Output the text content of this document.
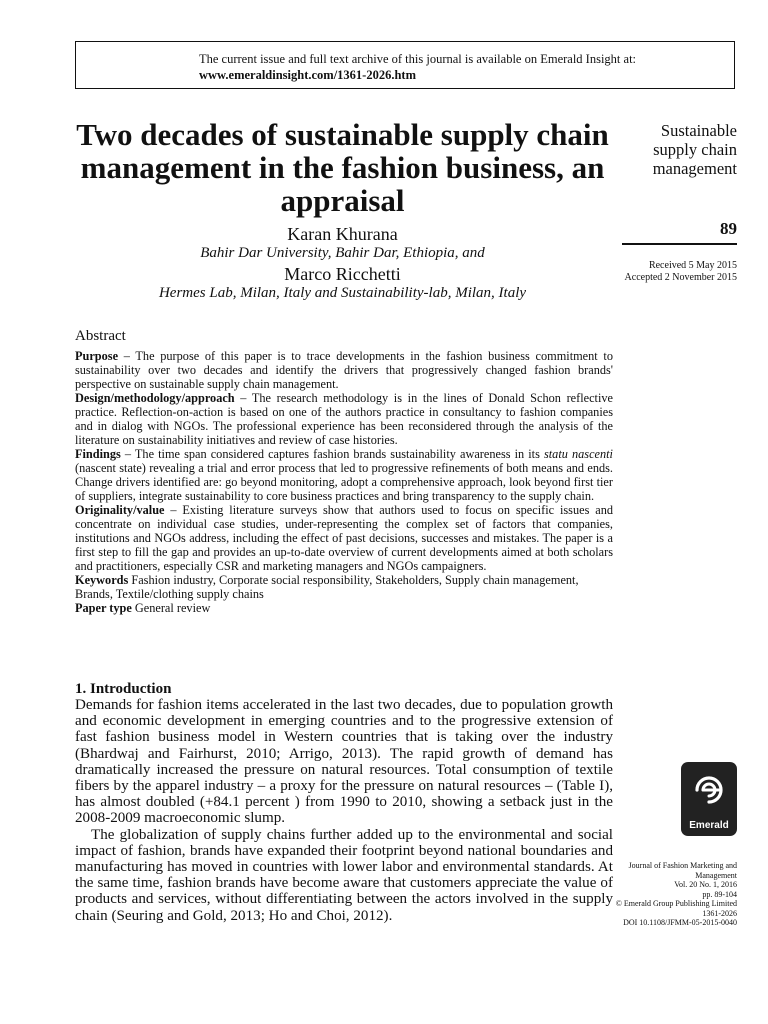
The current issue and full text archive of this journal is available on Emerald Insight at:
www.emeraldinsight.com/1361-2026.htm
Two decades of sustainable supply chain management in the fashion business, an appraisal
Karan Khurana
Bahir Dar University, Bahir Dar, Ethiopia, and
Marco Ricchetti
Hermes Lab, Milan, Italy and Sustainability-lab, Milan, Italy
Sustainable
supply chain
management
89
Received 5 May 2015
Accepted 2 November 2015
Emerald
Journal of Fashion Marketing and
Management
Vol. 20 No. 1, 2016
pp. 89-104
© Emerald Group Publishing Limited
1361-2026
DOI 10.1108/JFMM-05-2015-0040
Abstract

Purpose – The purpose of this paper is to trace developments in the fashion business commitment to sustainability over two decades and identify the drivers that progressively changed fashion brands' perspective on sustainable supply chain management.

Design/methodology/approach – The research methodology is in the lines of Donald Schon reflective practice. Reflection-on-action is based on one of the authors practice in consultancy to fashion companies and in dialog with NGOs. The professional experience has been reconsidered through the analysis of the literature on sustainability initiatives and review of case histories.

Findings – The time span considered captures fashion brands sustainability awareness in its statu nascenti (nascent state) revealing a trial and error process that led to progressive refinements of both means and ends. Change drivers identified are: go beyond monitoring, adopt a comprehensive approach, look beyond first tier of suppliers, integrate sustainability to core business practices and bring transparency to the supply chain.

Originality/value – Existing literature surveys show that authors used to focus on specific issues and concentrate on individual case studies, under-representing the complex set of factors that companies, institutions and NGOs address, including the effect of past decisions, successes and mistakes. The paper is a first step to fill the gap and provides an up-to-date overview of current developments aimed at both scholars and practitioners, especially CSR and marketing managers and NGOs campaigners.

Keywords Fashion industry, Corporate social responsibility, Stakeholders, Supply chain management, Brands, Textile/clothing supply chains

Paper type General review

1. Introduction

Demands for fashion items accelerated in the last two decades, due to population growth and economic development in emerging countries and to the progressive extension of fast fashion business model in Western countries that is taking over the industry (Bhardwaj and Fairhurst, 2010; Arrigo, 2013). The rapid growth of demand has dramatically increased the pressure on natural resources. Total consumption of textile fibers by the apparel industry – a proxy for the pressure on natural resources – (Table I), has almost doubled (+84.1 percent ) from 1990 to 2010, showing a setback just in the 2008-2009 macroeconomic slump.

The globalization of supply chains further added up to the environmental and social impact of fashion, brands have expanded their footprint beyond national boundaries and manufacturing has moved in countries with lower labor and environmental standards. At the same time, fashion brands have become aware that customers appreciate the value of products and services, without differentiating between the actors involved in the supply chain (Seuring and Gold, 2013; Ho and Choi, 2012).
